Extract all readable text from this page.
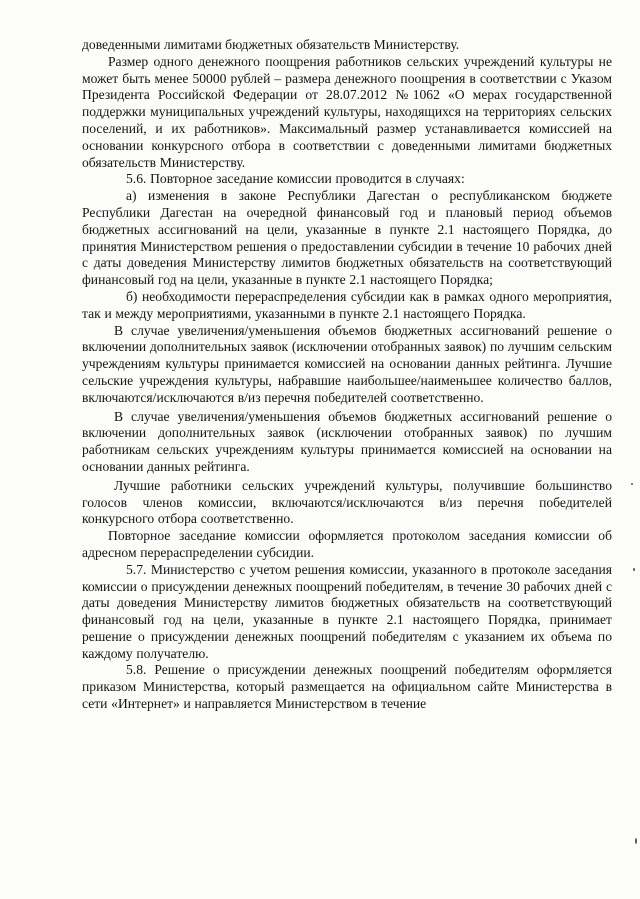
доведенными лимитами бюджетных обязательств Министерству.

Размер одного денежного поощрения работников сельских учреждений культуры не может быть менее 50000 рублей – размера денежного поощрения в соответствии с Указом Президента Российской Федерации от 28.07.2012 №1062 «О мерах государственной поддержки муниципальных учреждений культуры, находящихся на территориях сельских поселений, и их работников». Максимальный размер устанавливается комиссией на основании конкурсного отбора в соответствии с доведенными лимитами бюджетных обязательств Министерству.

5.6. Повторное заседание комиссии проводится в случаях:

а) изменения в законе Республики Дагестан о республиканском бюджете Республики Дагестан на очередной финансовый год и плановый период объемов бюджетных ассигнований на цели, указанные в пункте 2.1 настоящего Порядка, до принятия Министерством решения о предоставлении субсидии в течение 10 рабочих дней с даты доведения Министерству лимитов бюджетных обязательств на соответствующий финансовый год на цели, указанные в пункте 2.1 настоящего Порядка;

б) необходимости перераспределения субсидии как в рамках одного мероприятия, так и между мероприятиями, указанными в пункте 2.1 настоящего Порядка.

В случае увеличения/уменьшения объемов бюджетных ассигнований решение о включении дополнительных заявок (исключении отобранных заявок) по лучшим сельским учреждениям культуры принимается комиссией на основании данных рейтинга. Лучшие сельские учреждения культуры, набравшие наибольшее/наименьшее количество баллов, включаются/исключаются в/из перечня победителей соответственно.

В случае увеличения/уменьшения объемов бюджетных ассигнований решение о включении дополнительных заявок (исключении отобранных заявок) по лучшим работникам сельских учреждениям культуры принимается комиссией на основании на основании данных рейтинга.

Лучшие работники сельских учреждений культуры, получившие большинство голосов членов комиссии, включаются/исключаются в/из перечня победителей конкурсного отбора соответственно.

Повторное заседание комиссии оформляется протоколом заседания комиссии об адресном перераспределении субсидии.

5.7. Министерство с учетом решения комиссии, указанного в протоколе заседания комиссии о присуждении денежных поощрений победителям, в течение 30 рабочих дней с даты доведения Министерству лимитов бюджетных обязательств на соответствующий финансовый год на цели, указанные в пункте 2.1 настоящего Порядка, принимает решение о присуждении денежных поощрений победителям с указанием их объема по каждому получателю.

5.8. Решение о присуждении денежных поощрений победителям оформляется приказом Министерства, который размещается на официальном сайте Министерства в сети «Интернет» и направляется Министерством в течение
